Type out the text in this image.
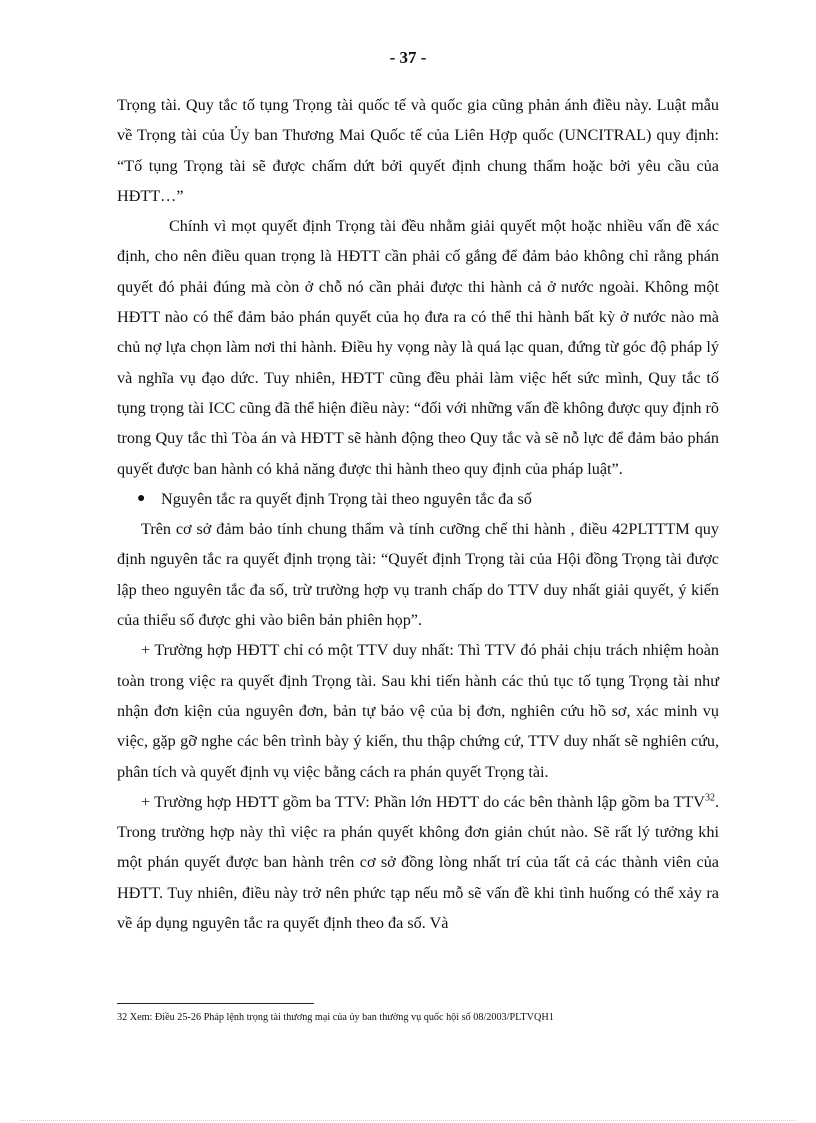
- 37 -

Trọng tài. Quy tắc tố tụng Trọng tài quốc tế và quốc gia cũng phản ánh điều này. Luật mẫu về Trọng tài của Ủy ban Thương Mai Quốc tế của Liên Hợp quốc (UNCITRAL) quy định: “Tố tụng Trọng tài sẽ được chấm dứt bởi quyết định chung thẩm hoặc bởi yêu cầu của HĐTT…”

Chính vì mọt quyết định Trọng tài đều nhằm giải quyết một hoặc nhiều vấn đề xác định, cho nên điều quan trọng là HĐTT cần phải cố gắng để đảm bảo không chỉ rằng phán quyết đó phải đúng mà còn ở chỗ nó cần phải được thi hành cả ở nước ngoài. Không một HĐTT nào có thể đảm bảo phán quyết của họ đưa ra có thể thi hành bất kỳ ở nước nào mà chủ nợ lựa chọn làm nơi thi hành. Điều hy vọng này là quá lạc quan, đứng từ góc độ pháp lý và nghĩa vụ đạo dức. Tuy nhiên, HĐTT cũng đều phải làm việc hết sức mình, Quy tắc tố tụng trọng tài ICC cũng đã thể hiện điều này: “đối với những vấn đề không được quy định rõ trong Quy tắc thì Tòa án và HĐTT sẽ hành động theo Quy tắc và sẽ nỗ lực để đảm bảo phán quyết được ban hành có khả năng được thi hành theo quy định của pháp luật”.

● Nguyên tắc ra quyết định Trọng tài theo nguyên tắc đa số

Trên cơ sở đảm bảo tính chung thẩm và tính cưỡng chế thi hành , điều 42PLTTTM quy định nguyên tắc ra quyết định trọng tài: “Quyết định Trọng tài của Hội đồng Trọng tài được lập theo nguyên tắc đa số, trừ trường hợp vụ tranh chấp do TTV duy nhất giải quyết, ý kiến của thiểu số được ghi vào biên bản phiên họp”.

+ Trường hợp HĐTT chỉ có một TTV duy nhất: Thì TTV đó phải chịu trách nhiệm hoàn toàn trong việc ra quyết định Trọng tài. Sau khi tiến hành các thủ tục tố tụng Trọng tài như nhận đơn kiện của nguyên đơn, bản tự bảo vệ của bị đơn, nghiên cứu hồ sơ, xác minh vụ việc, gặp gỡ nghe các bên trình bày ý kiến, thu thập chứng cứ, TTV duy nhất sẽ nghiên cứu, phân tích và quyết định vụ việc bằng cách ra phán quyết Trọng tài.

+ Trường hợp HĐTT gồm ba TTV: Phần lớn HĐTT do các bên thành lập gồm ba TTV$^{32}$. Trong trường hợp này thì việc ra phán quyết không đơn giản chút nào. Sẽ rất lý tưởng khi một phán quyết được ban hành trên cơ sở đồng lòng nhất trí của tất cả các thành viên của HĐTT. Tuy nhiên, điều này trở nên phức tạp nếu mỗ sẽ vấn đề khi tình huống có thể xảy ra về áp dụng nguyên tắc ra quyết định theo đa số. Và

32 Xem: Điều 25-26 Pháp lệnh trọng tài thương mại của ủy ban thường vụ quốc hội số 08/2003/PLTVQH1
